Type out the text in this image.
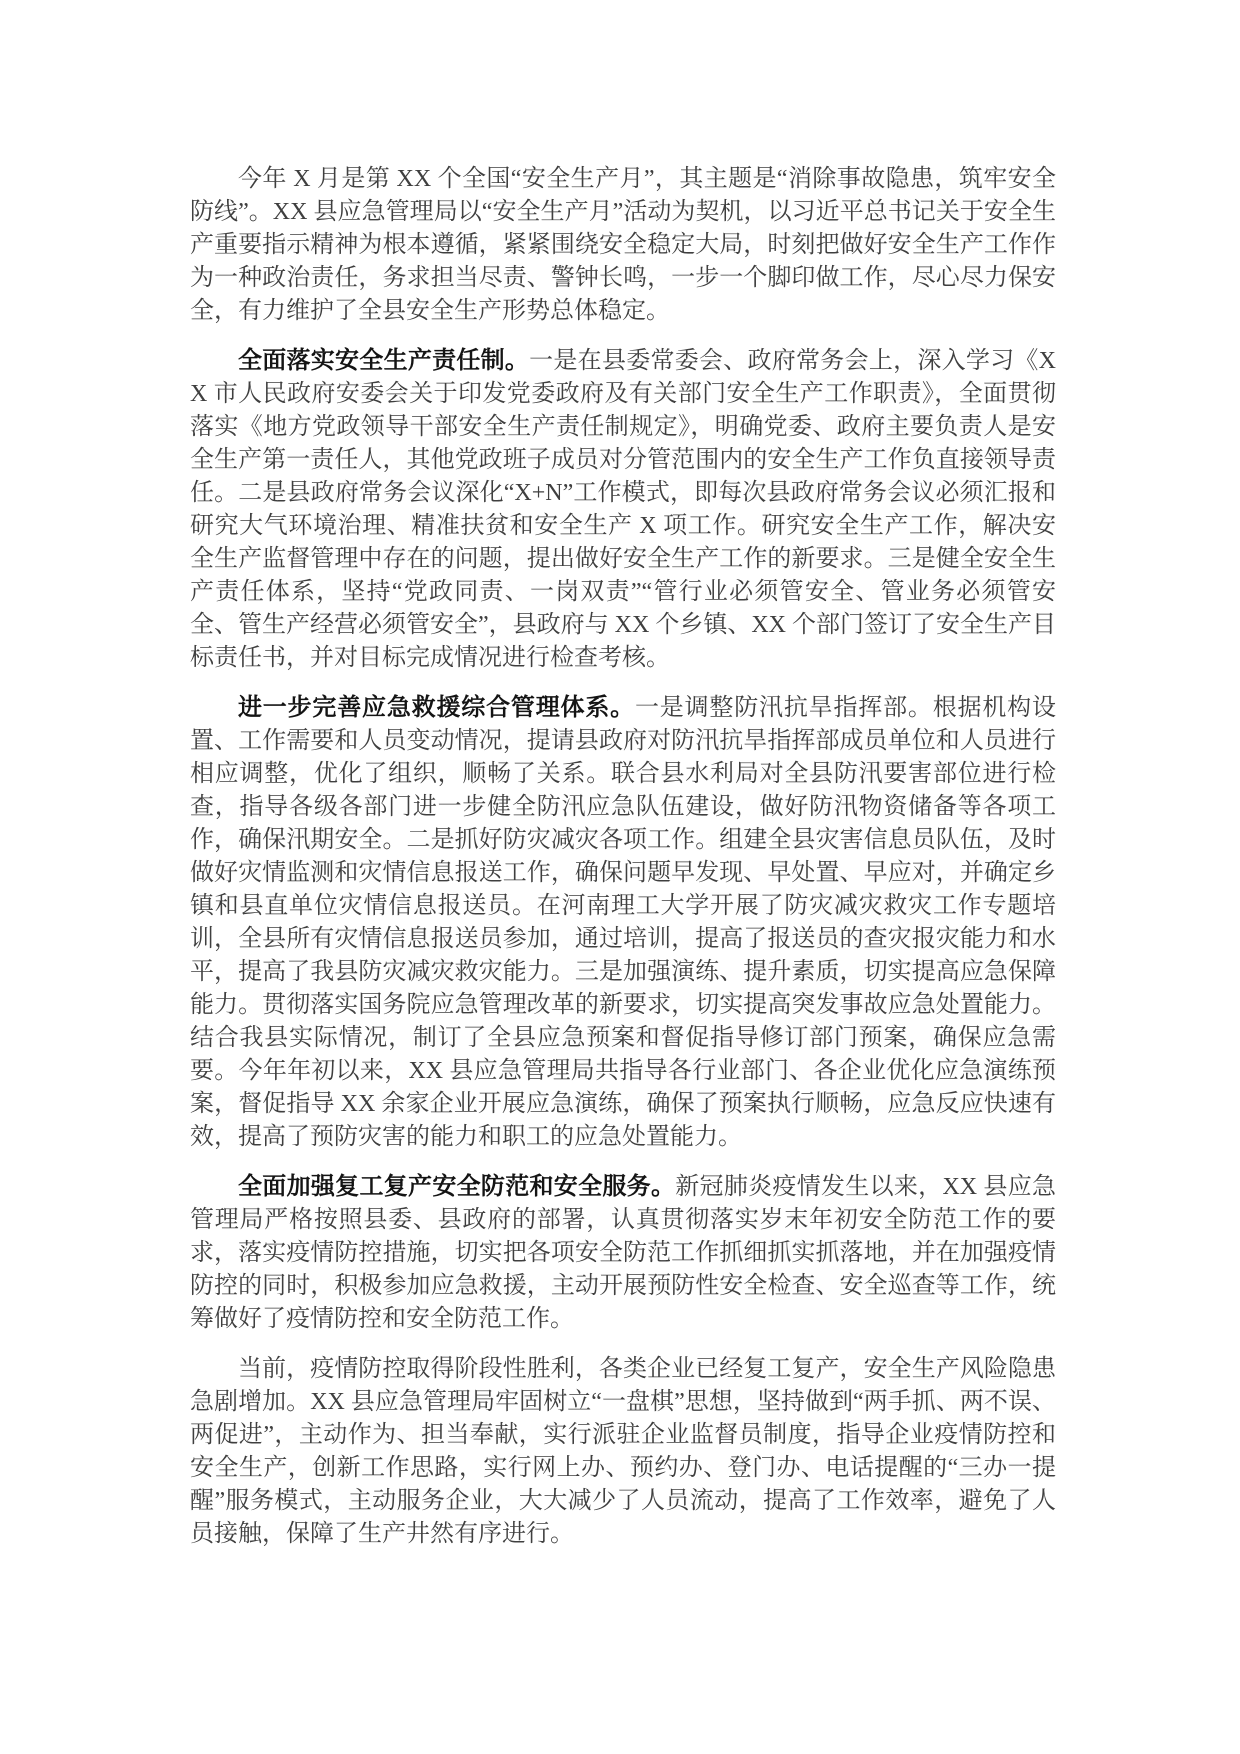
今年 X 月是第 XX 个全国“安全生产月”，其主题是“消除事故隐患，筑牢安全防线”。XX 县应急管理局以“安全生产月”活动为契机，以习近平总书记关于安全生产重要指示精神为根本遵循，紧紧围绕安全稳定大局，时刻把做好安全生产工作作为一种政治责任，务求担当尽责、警钟长鸣，一步一个脚印做工作，尽心尽力保安全，有力维护了全县安全生产形势总体稳定。

全面落实安全生产责任制。一是在县委常委会、政府常务会上，深入学习《XX 市人民政府安委会关于印发党委政府及有关部门安全生产工作职责》，全面贯彻落实《地方党政领导干部安全生产责任制规定》，明确党委、政府主要负责人是安全生产第一责任人，其他党政班子成员对分管范围内的安全生产工作负直接领导责任。二是县政府常务会议深化“X+N”工作模式，即每次县政府常务会议必须汇报和研究大气环境治理、精准扶贫和安全生产 X 项工作。研究安全生产工作，解决安全生产监督管理中存在的问题，提出做好安全生产工作的新要求。三是健全安全生产责任体系，坚持“党政同责、一岗双责”“管行业必须管安全、管业务必须管安全、管生产经营必须管安全”，县政府与 XX 个乡镇、XX 个部门签订了安全生产目标责任书，并对目标完成情况进行检查考核。

进一步完善应急救援综合管理体系。一是调整防汛抗旱指挥部。根据机构设置、工作需要和人员变动情况，提请县政府对防汛抗旱指挥部成员单位和人员进行相应调整，优化了组织，顺畅了关系。联合县水利局对全县防汛要害部位进行检查，指导各级各部门进一步健全防汛应急队伍建设，做好防汛物资储备等各项工作，确保汛期安全。二是抓好防灾减灾各项工作。组建全县灾害信息员队伍，及时做好灾情监测和灾情信息报送工作，确保问题早发现、早处置、早应对，并确定乡镇和县直单位灾情信息报送员。在河南理工大学开展了防灾减灾救灾工作专题培训，全县所有灾情信息报送员参加，通过培训，提高了报送员的查灾报灾能力和水平，提高了我县防灾减灾救灾能力。三是加强演练、提升素质，切实提高应急保障能力。贯彻落实国务院应急管理改革的新要求，切实提高突发事故应急处置能力。结合我县实际情况，制订了全县应急预案和督促指导修订部门预案，确保应急需要。今年年初以来，XX 县应急管理局共指导各行业部门、各企业优化应急演练预案，督促指导 XX 余家企业开展应急演练，确保了预案执行顺畅，应急反应快速有效，提高了预防灾害的能力和职工的应急处置能力。

全面加强复工复产安全防范和安全服务。新冠肺炎疫情发生以来，XX 县应急管理局严格按照县委、县政府的部署，认真贯彻落实岁末年初安全防范工作的要求，落实疫情防控措施，切实把各项安全防范工作抓细抓实抓落地，并在加强疫情防控的同时，积极参加应急救援，主动开展预防性安全检查、安全巡查等工作，统筹做好了疫情防控和安全防范工作。

当前，疫情防控取得阶段性胜利，各类企业已经复工复产，安全生产风险隐患急剧增加。XX 县应急管理局牢固树立“一盘棋”思想，坚持做到“两手抓、两不误、两促进”，主动作为、担当奉献，实行派驻企业监督员制度，指导企业疫情防控和安全生产，创新工作思路，实行网上办、预约办、登门办、电话提醒的“三办一提醒”服务模式，主动服务企业，大大减少了人员流动，提高了工作效率，避免了人员接触，保障了生产井然有序进行。
